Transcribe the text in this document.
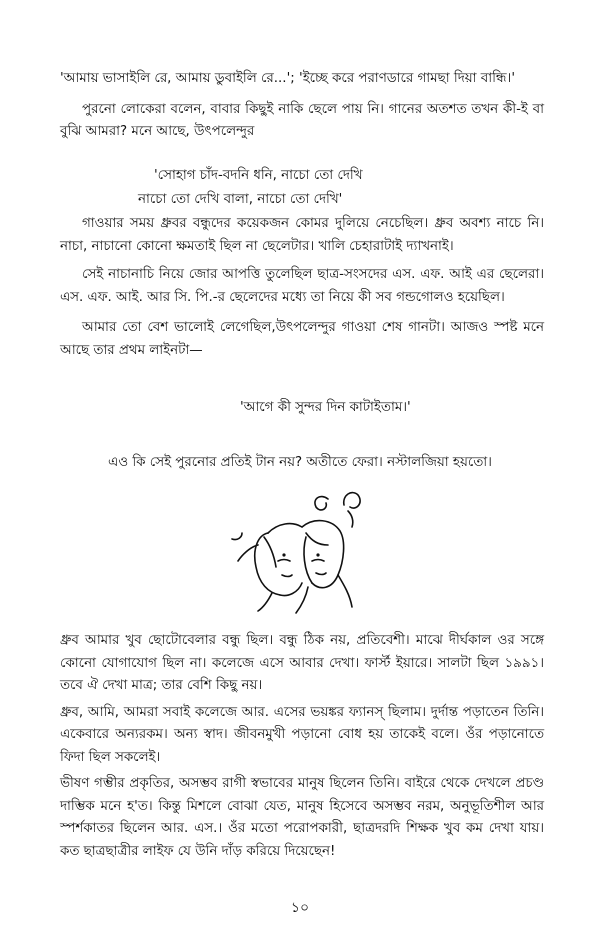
'আমায় ভাসাইলি রে, আমায় ডুবাইলি রে...'; 'ইচ্ছে করে পরাণডারে গামছা দিয়া বান্ধি।'

পুরনো লোকেরা বলেন, বাবার কিছুই নাকি ছেলে পায় নি। গানের অতশত তখন কী-ই বা বুঝি আমরা? মনে আছে, উৎপলেন্দুর

'সোহাগ চাঁদ-বদনি ধনি, নাচো তো দেখি
নাচো তো দেখি বালা, নাচো তো দেখি'

গাওয়ার সময় ধ্রুবর বন্ধুদের কয়েকজন কোমর দুলিয়ে নেচেছিল। ধ্রুব অবশ্য নাচে নি। নাচা, নাচানো কোনো ক্ষমতাই ছিল না ছেলেটার। খালি চেহারাটাই দ্যাখনাই।

সেই নাচানাচি নিয়ে জোর আপত্তি তুলেছিল ছাত্র-সংসদের এস. এফ. আই এর ছেলেরা। এস. এফ. আই. আর সি. পি.-র ছেলেদের মধ্যে তা নিয়ে কী সব গন্ডগোলও হয়েছিল।

আমার তো বেশ ভালোই লেগেছিল,উৎপলেন্দুর গাওয়া শেষ গানটা। আজও স্পষ্ট মনে আছে তার প্রথম লাইনটা—

'আগে কী সুন্দর দিন কাটাইতাম।'
এও কি সেই পুরনোর প্রতিই টান নয়? অতীতে ফেরা। নস্টালজিয়া হয়তো।

ধ্রুব আমার খুব ছোটোবেলার বন্ধু ছিল। বন্ধু ঠিক নয়, প্রতিবেশী। মাঝে দীর্ঘকাল ওর সঙ্গে কোনো যোগাযোগ ছিল না। কলেজে এসে আবার দেখা। ফার্স্ট ইয়ারে। সালটা ছিল ১৯৯১। তবে ঐ দেখা মাত্র; তার বেশি কিছু নয়।

ধ্রুব, আমি, আমরা সবাই কলেজে আর. এসের ভয়ঙ্কর ফ্যানস্ ছিলাম। দুর্দান্ত পড়াতেন তিনি। একেবারে অন্যরকম। অন্য স্বাদ। জীবনমুখী পড়ানো বোধ হয় তাকেই বলে। ওঁর পড়ানোতে ফিদা ছিল সকলেই।

ভীষণ গম্ভীর প্রকৃতির, অসম্ভব রাগী স্বভাবের মানুষ ছিলেন তিনি। বাইরে থেকে দেখলে প্রচণ্ড দাম্ভিক মনে হ'ত। কিন্তু মিশলে বোঝা যেত, মানুষ হিসেবে অসম্ভব নরম, অনুভূতিশীল আর স্পর্শকাতর ছিলেন আর. এস.। ওঁর মতো পরোপকারী, ছাত্রদরদি শিক্ষক খুব কম দেখা যায়। কত ছাত্রছাত্রীর লাইফ যে উনি দাঁড় করিয়ে দিয়েছেন!

১০
